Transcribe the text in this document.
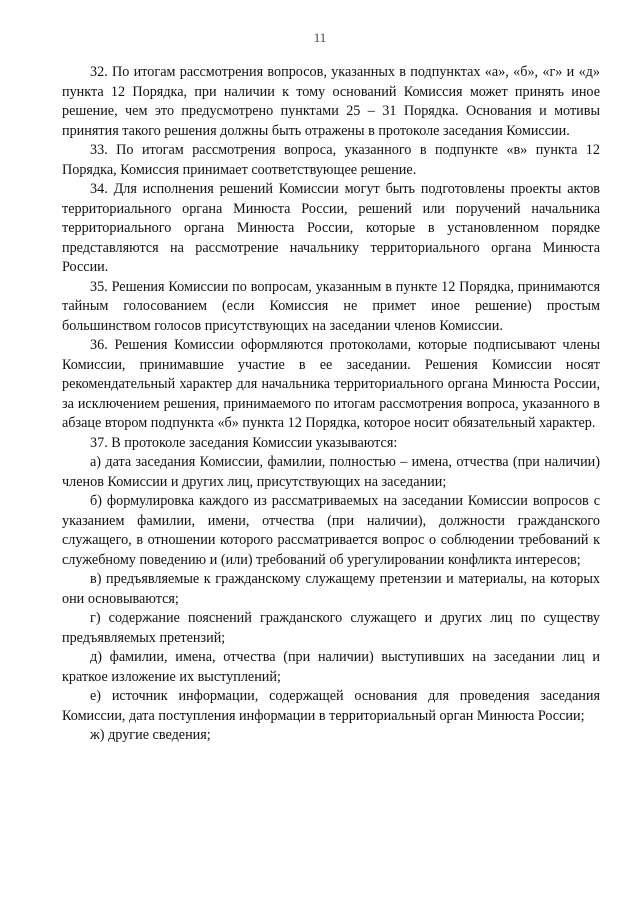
11

32. По итогам рассмотрения вопросов, указанных в подпунктах «а», «б», «г» и «д» пункта 12 Порядка, при наличии к тому оснований Комиссия может принять иное решение, чем это предусмотрено пунктами 25 – 31 Порядка. Основания и мотивы принятия такого решения должны быть отражены в протоколе заседания Комиссии.

33. По итогам рассмотрения вопроса, указанного в подпункте «в» пункта 12 Порядка, Комиссия принимает соответствующее решение.

34. Для исполнения решений Комиссии могут быть подготовлены проекты актов территориального органа Минюста России, решений или поручений начальника территориального органа Минюста России, которые в установленном порядке представляются на рассмотрение начальнику территориального органа Минюста России.

35. Решения Комиссии по вопросам, указанным в пункте 12 Порядка, принимаются тайным голосованием (если Комиссия не примет иное решение) простым большинством голосов присутствующих на заседании членов Комиссии.

36. Решения Комиссии оформляются протоколами, которые подписывают члены Комиссии, принимавшие участие в ее заседании. Решения Комиссии носят рекомендательный характер для начальника территориального органа Минюста России, за исключением решения, принимаемого по итогам рассмотрения вопроса, указанного в абзаце втором подпункта «б» пункта 12 Порядка, которое носит обязательный характер.

37. В протоколе заседания Комиссии указываются:

а) дата заседания Комиссии, фамилии, полностью – имена, отчества (при наличии) членов Комиссии и других лиц, присутствующих на заседании;

б) формулировка каждого из рассматриваемых на заседании Комиссии вопросов с указанием фамилии, имени, отчества (при наличии), должности гражданского служащего, в отношении которого рассматривается вопрос о соблюдении требований к служебному поведению и (или) требований об урегулировании конфликта интересов;

в) предъявляемые к гражданскому служащему претензии и материалы, на которых они основываются;

г) содержание пояснений гражданского служащего и других лиц по существу предъявляемых претензий;

д) фамилии, имена, отчества (при наличии) выступивших на заседании лиц и краткое изложение их выступлений;

е) источник информации, содержащей основания для проведения заседания Комиссии, дата поступления информации в территориальный орган Минюста России;

ж) другие сведения;
